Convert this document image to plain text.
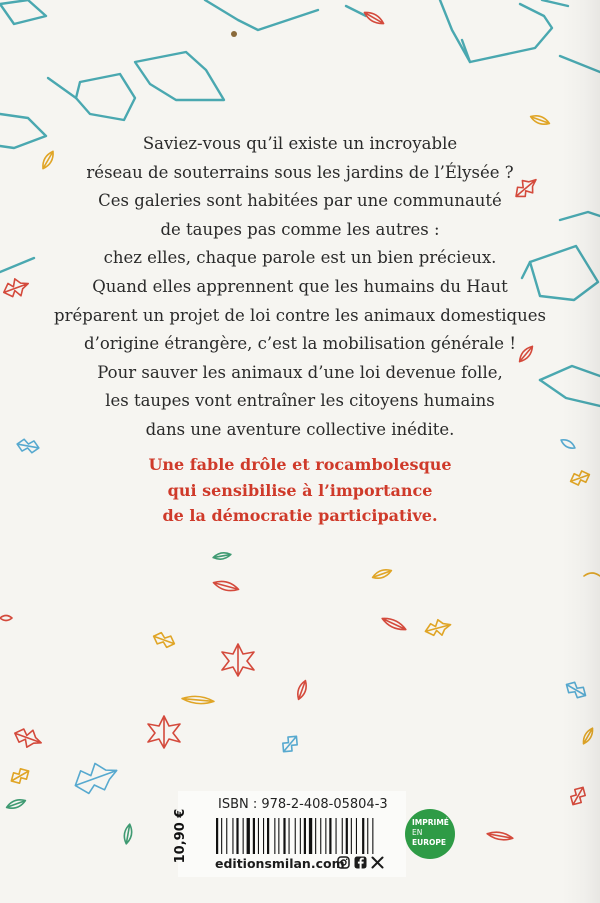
Saviez-vous qu’il existe un incroyable
réseau de souterrains sous les jardins de l’Élysée ?
Ces galeries sont habitées par une communauté
de taupes pas comme les autres :
chez elles, chaque parole est un bien précieux.
Quand elles apprennent que les humains du Haut
préparent un projet de loi contre les animaux domestiques
d’origine étrangère, c’est la mobilisation générale !
Pour sauver les animaux d’une loi devenue folle,
les taupes vont entraîner les citoyens humains
dans une aventure collective inédite.

Une fable drôle et rocambolesque
qui sensibilise à l’importance
de la démocratie participative.

10,90 €
ISBN : 978-2-408-05804-3
editionsmilan.com
IMPRIMÉ
EN
EUROPE
